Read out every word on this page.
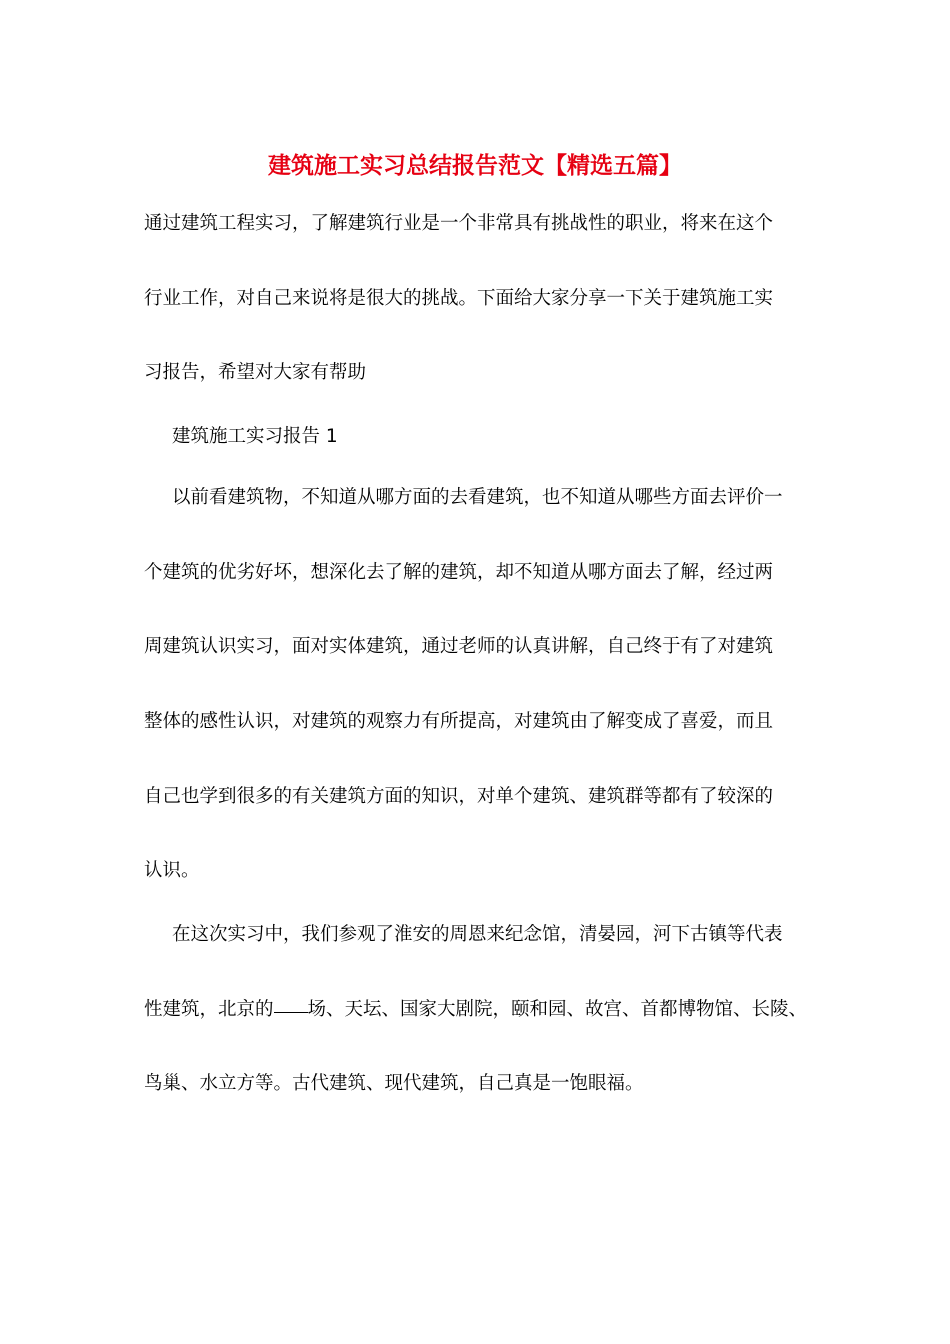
建筑施工实习总结报告范文【精选五篇】
通过建筑工程实习，了解建筑行业是一个非常具有挑战性的职业，将来在这个
行业工作，对自己来说将是很大的挑战。下面给大家分享一下关于建筑施工实
习报告，希望对大家有帮助
建筑施工实习报告 1
以前看建筑物，不知道从哪方面的去看建筑，也不知道从哪些方面去评价一
个建筑的优劣好坏，想深化去了解的建筑，却不知道从哪方面去了解，经过两
周建筑认识实习，面对实体建筑，通过老师的认真讲解，自己终于有了对建筑
整体的感性认识，对建筑的观察力有所提高，对建筑由了解变成了喜爱，而且
自己也学到很多的有关建筑方面的知识，对单个建筑、建筑群等都有了较深的
认识。
在这次实习中，我们参观了淮安的周恩来纪念馆，清晏园，河下古镇等代表
性建筑，北京的 场、天坛、国家大剧院，颐和园、故宫、首都博物馆、长陵、
鸟巢、水立方等。古代建筑、现代建筑，自己真是一饱眼福。
